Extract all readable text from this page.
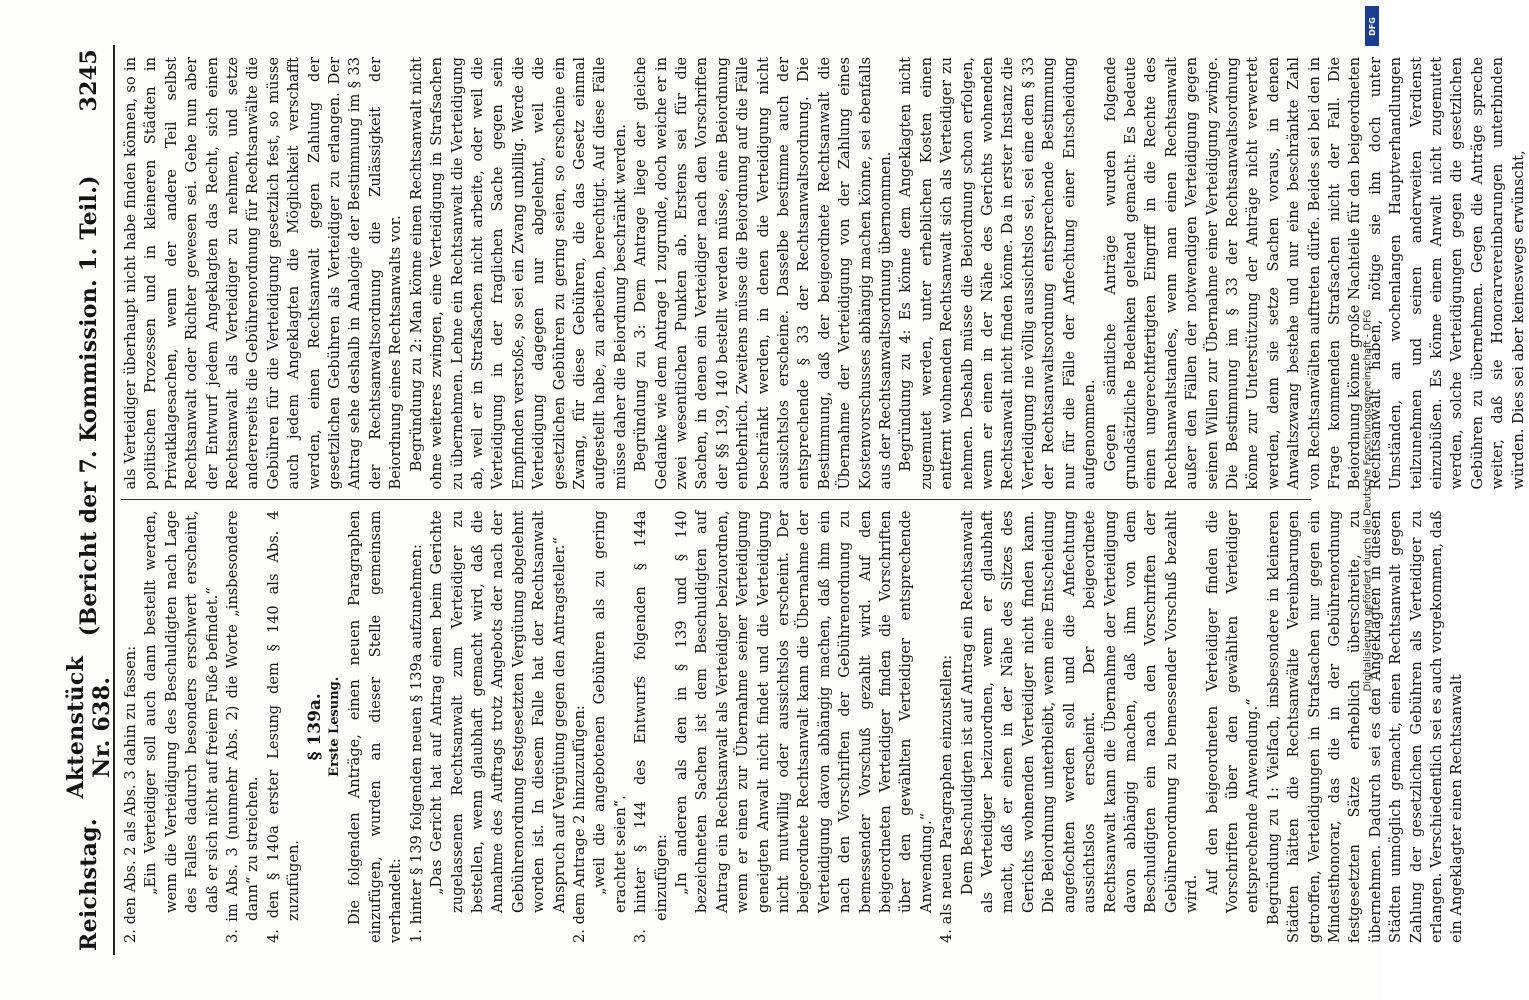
Reichstag.
Aktenstück Nr. 638.
(Bericht der 7. Kommission. 1. Teil.)        3245

2. den Abs. 2 als Abs. 3 dahin zu fassen: „Ein Verteidiger soll auch dann bestellt werden, wenn die Verteidigung des Beschuldigten nach Lage des Falles dadurch besonders erschwert erscheint, daß er sich nicht auf freiem Fuße befindet.“ 3. im Abs. 3 (nunmehr Abs. 2) die Worte „insbesondere dann“ zu streichen. 4. den § 140a erster Lesung dem § 140 als Abs. 4 zuzufügen.

§ 139a. Erste Lesung. Die folgenden Anträge, einen neuen Paragraphen einzufügen, wurden an dieser Stelle gemeinsam verhandelt: 1. hinter § 139 folgenden neuen § 139a aufzunehmen: „Das Gericht hat auf Antrag einen beim Gerichte zugelassenen Rechtsanwalt zum Verteidiger zu bestellen, wenn glaubhaft gemacht wird, daß die Annahme des Auftrags trotz Angebots der nach der Gebührenordnung festgesetzten Vergütung abgelehnt worden ist. In diesem Falle hat der Rechtsanwalt Anspruch auf Vergütung gegen den Antragsteller.“ 2. dem Antrage 2 hinzuzufügen: „weil die angebotenen Gebühren als zu gering erachtet seien“. 3. hinter § 144 des Entwurfs folgenden § 144a einzufügen: „In anderen als den in § 139 und § 140 bezeichneten Sachen ist dem Beschuldigten auf Antrag ein Rechtsanwalt als Verteidiger beizuordnen, wenn er einen zur Übernahme seiner Verteidigung geneigten Anwalt nicht findet und die Verteidigung nicht mutwillig oder aussichtslos erscheint. Der beigeordnete Rechtsanwalt kann die Übernahme der Verteidigung davon abhängig machen, daß ihm ein nach den Vorschriften der Gebührenordnung zu bemessender Vorschuß gezahlt wird. Auf den beigeordneten Verteidiger finden die Vorschriften über den gewählten Verteidiger entsprechende Anwendung.“ 4. als neuen Paragraphen einzustellen: Dem Beschuldigten ist auf Antrag ein Rechtsanwalt als Verteidiger beizuordnen, wenn er glaubhaft macht, daß er einen in der Nähe des Sitzes des Gerichts wohnenden Verteidiger nicht finden kann. Die Beiordnung unterbleibt, wenn eine Entscheidung angefochten werden soll und die Anfechtung aussichtslos erscheint. Der beigeordnete Rechtsanwalt kann die Übernahme der Verteidigung davon abhängig machen, daß ihm von dem Beschuldigten ein nach den Vorschriften der Gebührenordnung zu bemessender Vorschuß bezahlt wird. Auf den beigeordneten Verteidiger finden die Vorschriften über den gewählten Verteidiger entsprechende Anwendung.“ Begründung zu 1: Vielfach, insbesondere in kleineren Städten hätten die Rechtsanwälte Vereinbarungen getroffen, Verteidigungen in Strafsachen nur gegen ein Mindesthonorar, das die in der Gebührenordnung festgesetzten Sätze erheblich überschreite, zu übernehmen. Dadurch sei es den Angeklagten in diesen Städten unmöglich gemacht, einen Rechtsanwalt gegen Zahlung der gesetzlichen Gebühren als Verteidiger zu erlangen. Verschiedentlich sei es auch vorgekommen, daß ein Angeklagter einen Rechtsanwalt

als Verteidiger überhaupt nicht habe finden können, so in politischen Prozessen und in kleineren Städten in Privatklagesachen, wenn der andere Teil selbst Rechtsanwalt oder Richter gewesen sei. Gehe nun aber der Entwurf jedem Angeklagten das Recht, sich einen Rechtsanwalt als Verteidiger zu nehmen, und setze andererseits die Gebührenordnung für Rechtsanwälte die Gebühren für die Verteidigung gesetzlich fest, so müsse auch jedem Angeklagten die Möglichkeit verschafft werden, einen Rechtsanwalt gegen Zahlung der gesetzlichen Gebühren als Verteidiger zu erlangen. Der Antrag sehe deshalb in Analogie der Bestimmung im § 33 der Rechtsanwaltsordnung die Zulässigkeit der Beiordnung eines Rechtsanwalts vor. Begründung zu 2: Man könne einen Rechtsanwalt nicht ohne weiteres zwingen, eine Verteidigung in Strafsachen zu übernehmen. Lehne ein Rechtsanwalt die Verteidigung ab, weil er in Strafsachen nicht arbeite, oder weil die Verteidigung in der fraglichen Sache gegen sein Empfinden verstoße, so sei ein Zwang unbillig. Werde die Verteidigung dagegen nur abgelehnt, weil die gesetzlichen Gebühren zu gering seien, so erscheine ein Zwang, für diese Gebühren, die das Gesetz einmal aufgestellt habe, zu arbeiten, berechtigt. Auf diese Fälle müsse daher die Beiordnung beschränkt werden. Begründung zu 3: Dem Antrage liege der gleiche Gedanke wie dem Antrage 1 zugrunde, doch weiche er in zwei wesentlichen Punkten ab. Erstens sei für die Sachen, in denen ein Verteidiger nach den Vorschriften der §§ 139, 140 bestellt werden müsse, eine Beiordnung entbehrlich. Zweitens müsse die Beiordnung auf die Fälle beschränkt werden, in denen die Verteidigung nicht aussichtslos erscheine. Dasselbe bestimme auch der entsprechende § 33 der Rechtsanwaltsordnung. Die Bestimmung, daß der beigeordnete Rechtsanwalt die Übernahme der Verteidigung von der Zahlung eines Kostenvorschusses abhängig machen könne, sei ebenfalls aus der Rechtsanwaltsordnung übernommen. Begründung zu 4: Es könne dem Angeklagten nicht zugemutet werden, unter erheblichen Kosten einen entfernt wohnenden Rechtsanwalt sich als Verteidiger zu nehmen. Deshalb müsse die Beiordnung schon erfolgen, wenn er einen in der Nähe des Gerichts wohnenden Rechtsanwalt nicht finden könne. Da in erster Instanz die Verteidigung nie völlig aussichtslos sei, sei eine dem § 33 der Rechtsanwaltsordnung entsprechende Bestimmung nur für die Fälle der Anfechtung einer Entscheidung aufgenommen. Gegen sämtliche Anträge wurden folgende grundsätzliche Bedenken geltend gemacht: Es bedeute einen ungerechtfertigten Eingriff in die Rechte des Rechtsanwaltstandes, wenn man einen Rechtsanwalt außer den Fällen der notwendigen Verteidigung gegen seinen Willen zur Übernahme einer Verteidigung zwinge. Die Bestimmung im § 33 der Rechtsanwaltsordnung könne zur Unterstützung der Anträge nicht verwertet werden, denn sie setze Sachen voraus, in denen Anwaltszwang bestehe und nur eine beschränkte Zahl von Rechtsanwälten auftreten dürfe. Beides sei bei den in Frage kommenden Strafsachen nicht der Fall. Die Beiordnung könne große Nachteile für den beigeordneten Rechtsanwalt haben, nötige sie ihn doch unter Umständen, an wochenlangen Hauptverhandlungen teilzunehmen und seinen anderweiten Verdienst einzubüßen. Es könne einem Anwalt nicht zugemutet werden, solche Verteidigungen gegen die gesetzlichen Gebühren zu übernehmen. Gegen die Anträge spreche weiter, daß sie Honorarvereinbarungen unterbinden würden. Dies sei aber keineswegs erwünscht,

DFG
Digitalisierung gefördert durch die Deutsche Forschungsgemeinschaft - DFG
